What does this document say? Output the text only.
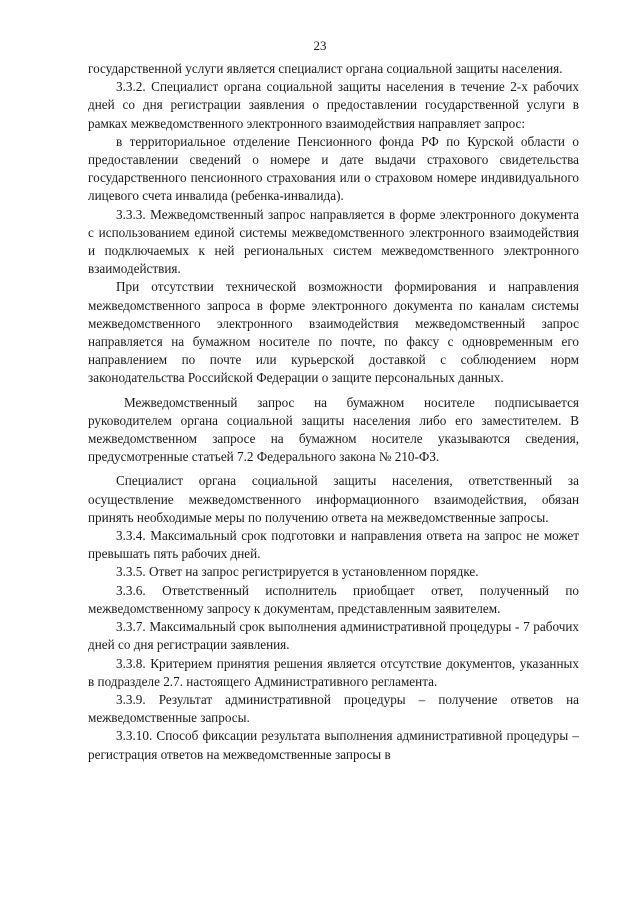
23

государственной услуги является специалист органа социальной защиты населения.

3.3.2. Специалист органа социальной защиты населения в течение 2-х рабочих дней со дня регистрации заявления о предоставлении государственной услуги в рамках межведомственного электронного взаимодействия направляет запрос:

в территориальное отделение Пенсионного фонда РФ по Курской области о предоставлении сведений о номере и дате выдачи страхового свидетельства государственного пенсионного страхования или о страховом номере индивидуального лицевого счета инвалида (ребенка-инвалида).

3.3.3. Межведомственный запрос направляется в форме электронного документа с использованием единой системы межведомственного электронного взаимодействия и подключаемых к ней региональных систем межведомственного электронного взаимодействия.

При отсутствии технической возможности формирования и направления межведомственного запроса в форме электронного документа по каналам системы межведомственного электронного взаимодействия межведомственный запрос направляется на бумажном носителе по почте, по факсу с одновременным его направлением по почте или курьерской доставкой с соблюдением норм законодательства Российской Федерации о защите персональных данных.

Межведомственный запрос на бумажном носителе подписывается руководителем органа социальной защиты населения либо его заместителем. В межведомственном запросе на бумажном носителе указываются сведения, предусмотренные статьей 7.2 Федерального закона № 210-ФЗ.

Специалист органа социальной защиты населения, ответственный за осуществление межведомственного информационного взаимодействия, обязан принять необходимые меры по получению ответа на межведомственные запросы.

3.3.4. Максимальный срок подготовки и направления ответа на запрос не может превышать пять рабочих дней.

3.3.5. Ответ на запрос регистрируется в установленном порядке.

3.3.6. Ответственный исполнитель приобщает ответ, полученный по межведомственному запросу к документам, представленным заявителем.

3.3.7. Максимальный срок выполнения административной процедуры - 7 рабочих дней со дня регистрации заявления.

3.3.8. Критерием принятия решения является отсутствие документов, указанных в подразделе 2.7. настоящего Административного регламента.

3.3.9. Результат административной процедуры – получение ответов на межведомственные запросы.

3.3.10. Способ фиксации результата выполнения административной процедуры – регистрация ответов на межведомственные запросы в
